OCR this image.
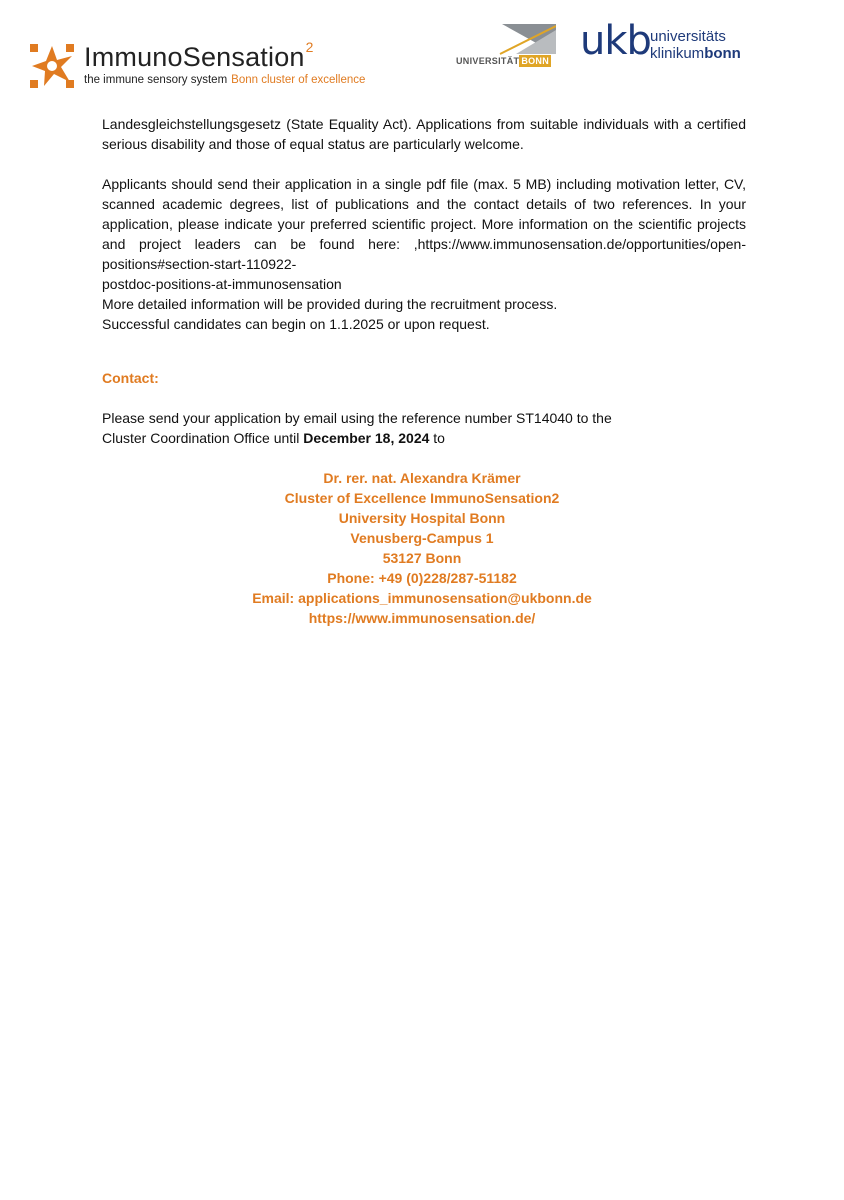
ImmunoSensation$^2$
the immune sensory system Bonn cluster of excellence
UNIVERSITÄT BONN ukb universitäts
klinikumbonn

Landesgleichstellungsgesetz (State Equality Act). Applications from suitable individuals with a certified serious disability and those of equal status are particularly welcome.

Applicants should send their application in a single pdf file (max. 5 MB) including motivation letter, CV, scanned academic degrees, list of publications and the contact details of two references. In your application, please indicate your preferred scientific project. More information on the scientific projects and project leaders can be found here: ,https://www.immunosensation.de/opportunities/open-positions#section-start-110922-
postdoc-positions-at-immunosensation

More detailed information will be provided during the recruitment process.
Successful candidates can begin on 1.1.2025 or upon request.

Contact:

Please send your application by email using the reference number ST14040 to the
Cluster Coordination Office until December 18, 2024 to
Dr. rer. nat. Alexandra Krämer
Cluster of Excellence ImmunoSensation2
University Hospital Bonn
Venusberg-Campus 1
53127 Bonn
Phone: +49 (0)228/287-51182
Email: applications_immunosensation@ukbonn.de
https://www.immunosensation.de/
